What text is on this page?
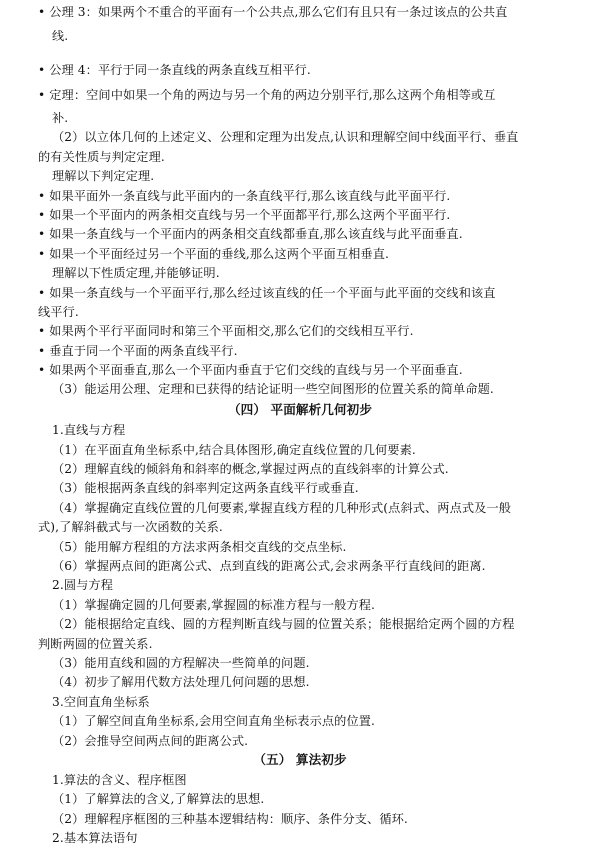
• 公理 3：如果两个不重合的平面有一个公共点,那么它们有且只有一条过该点的公共直
线.
• 公理 4：平行于同一条直线的两条直线互相平行.
• 定理：空间中如果一个角的两边与另一个角的两边分别平行,那么这两个角相等或互
补.
（2）以立体几何的上述定义、公理和定理为出发点,认识和理解空间中线面平行、垂直
的有关性质与判定定理.
理解以下判定定理.
• 如果平面外一条直线与此平面内的一条直线平行,那么该直线与此平面平行.
• 如果一个平面内的两条相交直线与另一个平面都平行,那么这两个平面平行.
• 如果一条直线与一个平面内的两条相交直线都垂直,那么该直线与此平面垂直.
• 如果一个平面经过另一个平面的垂线,那么这两个平面互相垂直.
理解以下性质定理,并能够证明.
• 如果一条直线与一个平面平行,那么经过该直线的任一个平面与此平面的交线和该直
线平行.
• 如果两个平行平面同时和第三个平面相交,那么它们的交线相互平行.
• 垂直于同一个平面的两条直线平行.
• 如果两个平面垂直,那么一个平面内垂直于它们交线的直线与另一个平面垂直.
（3）能运用公理、定理和已获得的结论证明一些空间图形的位置关系的简单命题.
（四） 平面解析几何初步
1.直线与方程
（1）在平面直角坐标系中,结合具体图形,确定直线位置的几何要素.
（2）理解直线的倾斜角和斜率的概念,掌握过两点的直线斜率的计算公式.
（3）能根据两条直线的斜率判定这两条直线平行或垂直.
（4）掌握确定直线位置的几何要素,掌握直线方程的几种形式(点斜式、两点式及一般
式),了解斜截式与一次函数的关系.
（5）能用解方程组的方法求两条相交直线的交点坐标.
（6）掌握两点间的距离公式、点到直线的距离公式,会求两条平行直线间的距离.
2.圆与方程
（1）掌握确定圆的几何要素,掌握圆的标准方程与一般方程.
（2）能根据给定直线、圆的方程判断直线与圆的位置关系；能根据给定两个圆的方程
判断两圆的位置关系.
（3）能用直线和圆的方程解决一些简单的问题.
（4）初步了解用代数方法处理几何问题的思想.
3.空间直角坐标系
（1）了解空间直角坐标系,会用空间直角坐标表示点的位置.
（2）会推导空间两点间的距离公式.
（五） 算法初步
1.算法的含义、程序框图
（1）了解算法的含义,了解算法的思想.
（2）理解程序框图的三种基本逻辑结构：顺序、条件分支、循环.
2.基本算法语句
